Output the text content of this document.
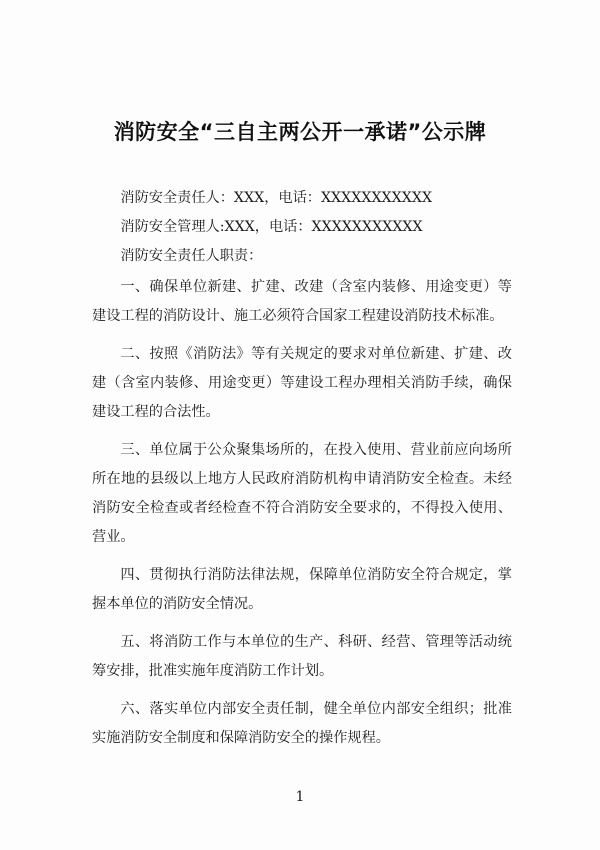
消防安全“三自主两公开一承诺”公示牌
消防安全责任人：XXX，电话：XXXXXXXXXXX
消防安全管理人:XXX，电话：XXXXXXXXXXX
消防安全责任人职责：

一、确保单位新建、扩建、改建（含室内装修、用途变更）等建设工程的消防设计、施工必须符合国家工程建设消防技术标准。

二、按照《消防法》等有关规定的要求对单位新建、扩建、改建（含室内装修、用途变更）等建设工程办理相关消防手续，确保建设工程的合法性。

三、单位属于公众聚集场所的，在投入使用、营业前应向场所所在地的县级以上地方人民政府消防机构申请消防安全检查。未经消防安全检查或者经检查不符合消防安全要求的，不得投入使用、营业。

四、贯彻执行消防法律法规，保障单位消防安全符合规定，掌握本单位的消防安全情况。

五、将消防工作与本单位的生产、科研、经营、管理等活动统筹安排，批准实施年度消防工作计划。

六、落实单位内部安全责任制，健全单位内部安全组织；批准实施消防安全制度和保障消防安全的操作规程。

1
